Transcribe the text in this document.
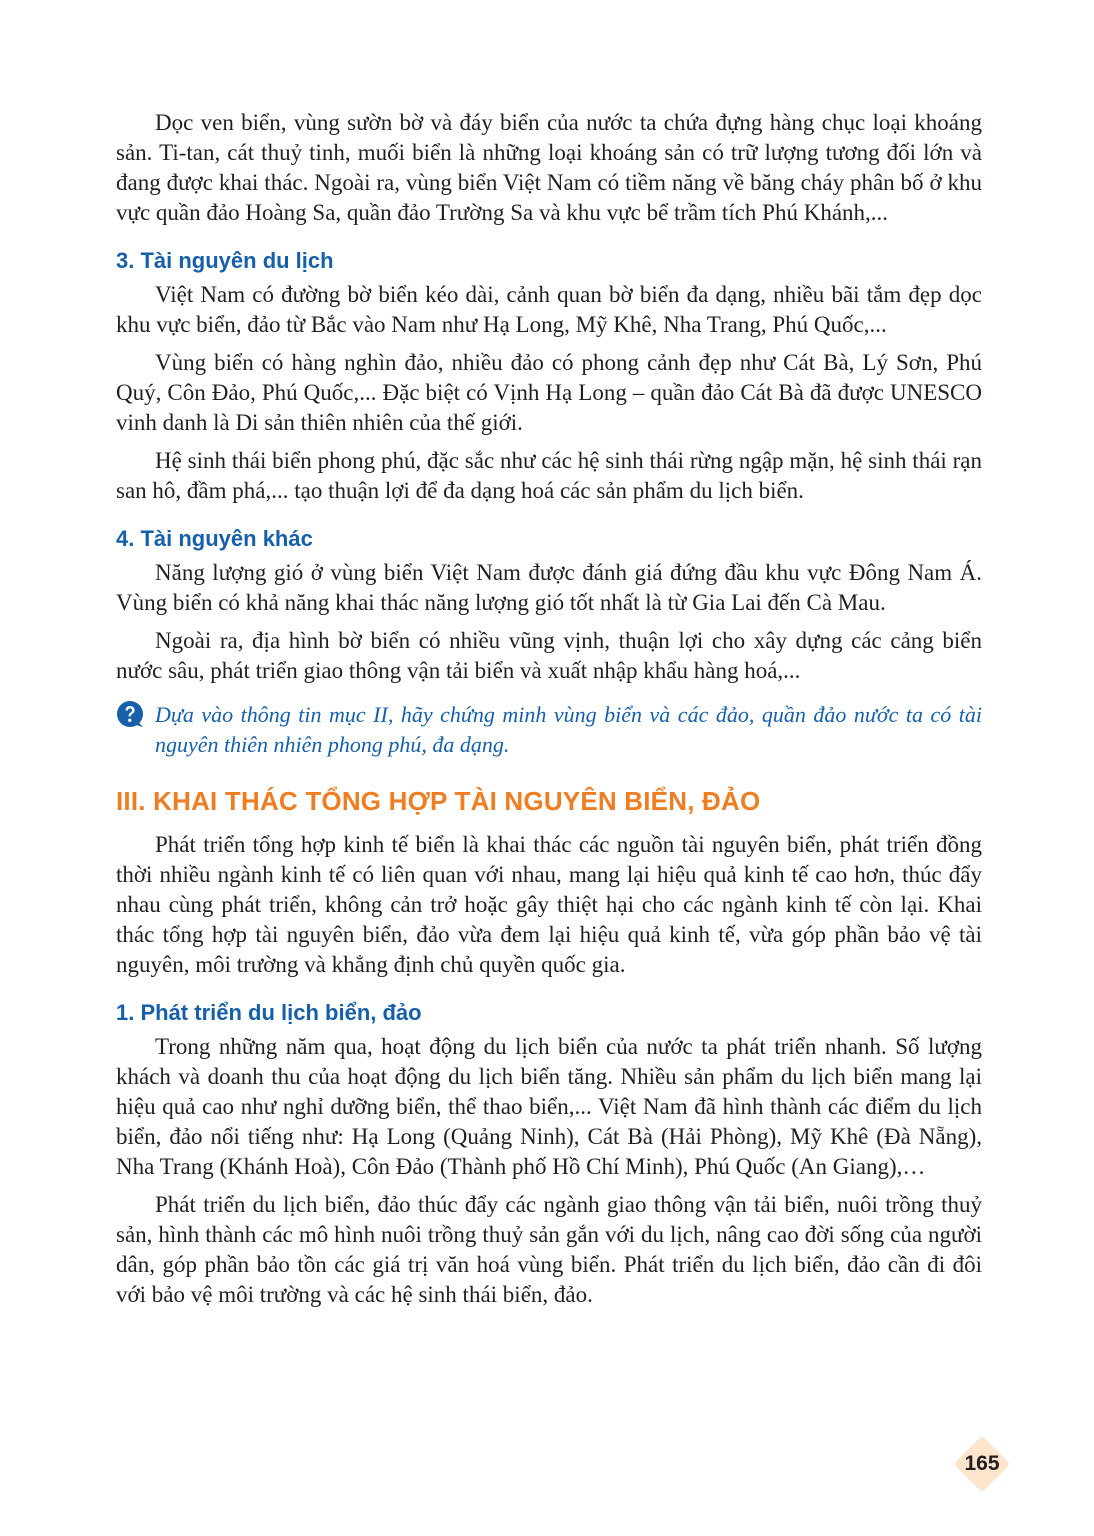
Dọc ven biển, vùng sườn bờ và đáy biển của nước ta chứa đựng hàng chục loại khoáng sản. Ti-tan, cát thuỷ tinh, muối biển là những loại khoáng sản có trữ lượng tương đối lớn và đang được khai thác. Ngoài ra, vùng biển Việt Nam có tiềm năng về băng cháy phân bố ở khu vực quần đảo Hoàng Sa, quần đảo Trường Sa và khu vực bể trầm tích Phú Khánh,...

3. Tài nguyên du lịch

Việt Nam có đường bờ biển kéo dài, cảnh quan bờ biển đa dạng, nhiều bãi tắm đẹp dọc khu vực biển, đảo từ Bắc vào Nam như Hạ Long, Mỹ Khê, Nha Trang, Phú Quốc,...

Vùng biển có hàng nghìn đảo, nhiều đảo có phong cảnh đẹp như Cát Bà, Lý Sơn, Phú Quý, Côn Đảo, Phú Quốc,... Đặc biệt có Vịnh Hạ Long – quần đảo Cát Bà đã được UNESCO vinh danh là Di sản thiên nhiên của thế giới.

Hệ sinh thái biển phong phú, đặc sắc như các hệ sinh thái rừng ngập mặn, hệ sinh thái rạn san hô, đầm phá,... tạo thuận lợi để đa dạng hoá các sản phẩm du lịch biển.

4. Tài nguyên khác

Năng lượng gió ở vùng biển Việt Nam được đánh giá đứng đầu khu vực Đông Nam Á. Vùng biển có khả năng khai thác năng lượng gió tốt nhất là từ Gia Lai đến Cà Mau.

Ngoài ra, địa hình bờ biển có nhiều vũng vịnh, thuận lợi cho xây dựng các cảng biển nước sâu, phát triển giao thông vận tải biển và xuất nhập khẩu hàng hoá,...

Dựa vào thông tin mục II, hãy chứng minh vùng biển và các đảo, quần đảo nước ta có tài nguyên thiên nhiên phong phú, đa dạng.

III. KHAI THÁC TỔNG HỢP TÀI NGUYÊN BIỂN, ĐẢO

Phát triển tổng hợp kinh tế biển là khai thác các nguồn tài nguyên biển, phát triển đồng thời nhiều ngành kinh tế có liên quan với nhau, mang lại hiệu quả kinh tế cao hơn, thúc đẩy nhau cùng phát triển, không cản trở hoặc gây thiệt hại cho các ngành kinh tế còn lại. Khai thác tổng hợp tài nguyên biển, đảo vừa đem lại hiệu quả kinh tế, vừa góp phần bảo vệ tài nguyên, môi trường và khẳng định chủ quyền quốc gia.

1. Phát triển du lịch biển, đảo

Trong những năm qua, hoạt động du lịch biển của nước ta phát triển nhanh. Số lượng khách và doanh thu của hoạt động du lịch biển tăng. Nhiều sản phẩm du lịch biển mang lại hiệu quả cao như nghỉ dưỡng biển, thể thao biển,... Việt Nam đã hình thành các điểm du lịch biển, đảo nổi tiếng như: Hạ Long (Quảng Ninh), Cát Bà (Hải Phòng), Mỹ Khê (Đà Nẵng), Nha Trang (Khánh Hoà), Côn Đảo (Thành phố Hồ Chí Minh), Phú Quốc (An Giang),…

Phát triển du lịch biển, đảo thúc đẩy các ngành giao thông vận tải biển, nuôi trồng thuỷ sản, hình thành các mô hình nuôi trồng thuỷ sản gắn với du lịch, nâng cao đời sống của người dân, góp phần bảo tồn các giá trị văn hoá vùng biển. Phát triển du lịch biển, đảo cần đi đôi với bảo vệ môi trường và các hệ sinh thái biển, đảo.

165
